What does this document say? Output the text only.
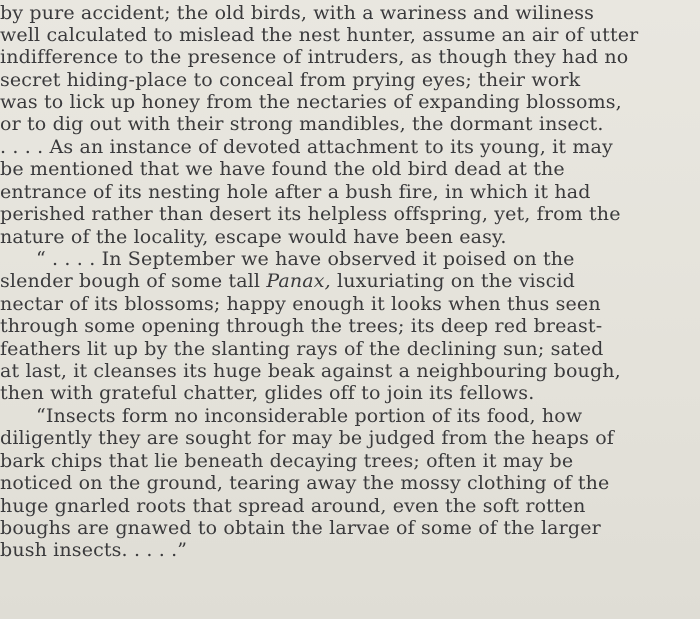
by pure accident; the old birds, with a wariness and wiliness
well calculated to mislead the nest hunter, assume an air of utter
indifference to the presence of intruders, as though they had no
secret hiding-place to conceal from prying eyes; their work
was to lick up honey from the nectaries of expanding blossoms,
or to dig out with their strong mandibles, the dormant insect.
. . . . As an instance of devoted attachment to its young, it may
be mentioned that we have found the old bird dead at the
entrance of its nesting hole after a bush fire, in which it had
perished rather than desert its helpless offspring, yet, from the
nature of the locality, escape would have been easy.
“ . . . . In September we have observed it poised on the
slender bough of some tall Panax, luxuriating on the viscid
nectar of its blossoms; happy enough it looks when thus seen
through some opening through the trees; its deep red breast-
feathers lit up by the slanting rays of the declining sun; sated
at last, it cleanses its huge beak against a neighbouring bough,
then with grateful chatter, glides off to join its fellows.
“Insects form no inconsiderable portion of its food, how
diligently they are sought for may be judged from the heaps of
bark chips that lie beneath decaying trees; often it may be
noticed on the ground, tearing away the mossy clothing of the
huge gnarled roots that spread around, even the soft rotten
boughs are gnawed to obtain the larvae of some of the larger
bush insects. . . . .”
